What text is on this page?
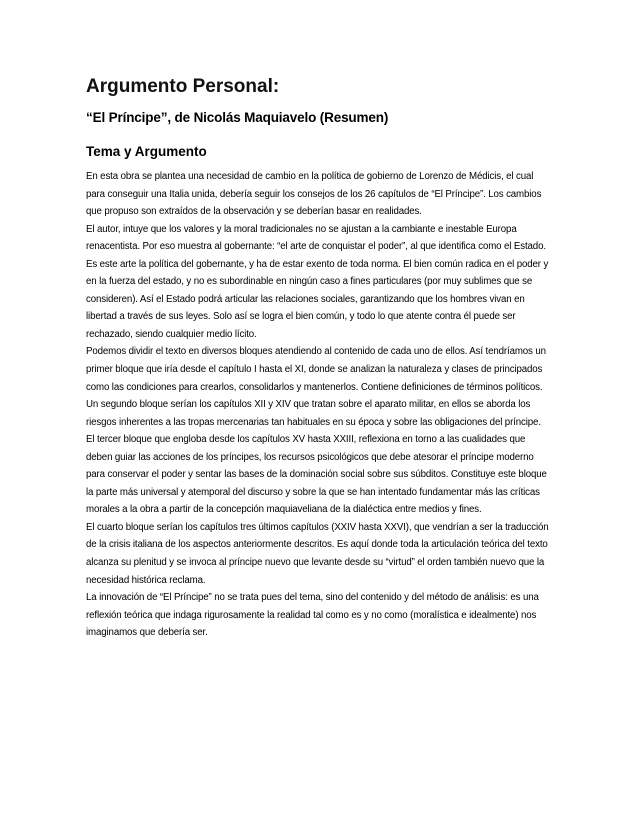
Argumento Personal:
“El Príncipe”, de Nicolás Maquiavelo (Resumen)
Tema y Argumento

En esta obra se plantea una necesidad de cambio en la política de gobierno de Lorenzo de Médicis, el cual para conseguir una Italia unida, debería seguir los consejos de los 26 capítulos de “El Príncipe”. Los cambios que propuso son extraídos de la observación y se deberían basar en realidades.

El autor, intuye que los valores y la moral tradicionales no se ajustan a la cambiante e inestable Europa renacentista. Por eso muestra al gobernante: “el arte de conquistar el poder”, al que identifica como el Estado. Es este arte la política del gobernante, y ha de estar exento de toda norma. El bien común radica en el poder y en la fuerza del estado, y no es subordinable en ningún caso a fines particulares (por muy sublimes que se consideren). Así el Estado podrá articular las relaciones sociales, garantizando que los hombres vivan en libertad a través de sus leyes. Solo así se logra el bien común, y todo lo que atente contra él puede ser rechazado, siendo cualquier medio lícito.

Podemos dividir el texto en diversos bloques atendiendo al contenido de cada uno de ellos. Así tendríamos un primer bloque que iría desde el capítulo I hasta el XI, donde se analizan la naturaleza y clases de principados como las condiciones para crearlos, consolidarlos y mantenerlos. Contiene definiciones de términos políticos.

Un segundo bloque serían los capítulos XII y XIV que tratan sobre el aparato militar, en ellos se aborda los riesgos inherentes a las tropas mercenarias tan habituales en su época y sobre las obligaciones del príncipe.

El tercer bloque que engloba desde los capítulos XV hasta XXIII, reflexiona en torno a las cualidades que deben guiar las acciones de los príncipes, los recursos psicológicos que debe atesorar el príncipe moderno para conservar el poder y sentar las bases de la dominación social sobre sus súbditos. Constituye este bloque la parte más universal y atemporal del discurso y sobre la que se han intentado fundamentar más las críticas morales a la obra a partir de la concepción maquiaveliana de la dialéctica entre medios y fines.

El cuarto bloque serían los capítulos tres últimos capítulos (XXIV hasta XXVI), que vendrían a ser la traducción de la crisis italiana de los aspectos anteriormente descritos. Es aquí donde toda la articulación teórica del texto alcanza su plenitud y se invoca al príncipe nuevo que levante desde su “virtud” el orden también nuevo que la necesidad histórica reclama.

La innovación de “El Príncipe” no se trata pues del tema, sino del contenido y del método de análisis: es una reflexión teórica que indaga rigurosamente la realidad tal como es y no como (moralística e idealmente) nos imaginamos que debería ser.
